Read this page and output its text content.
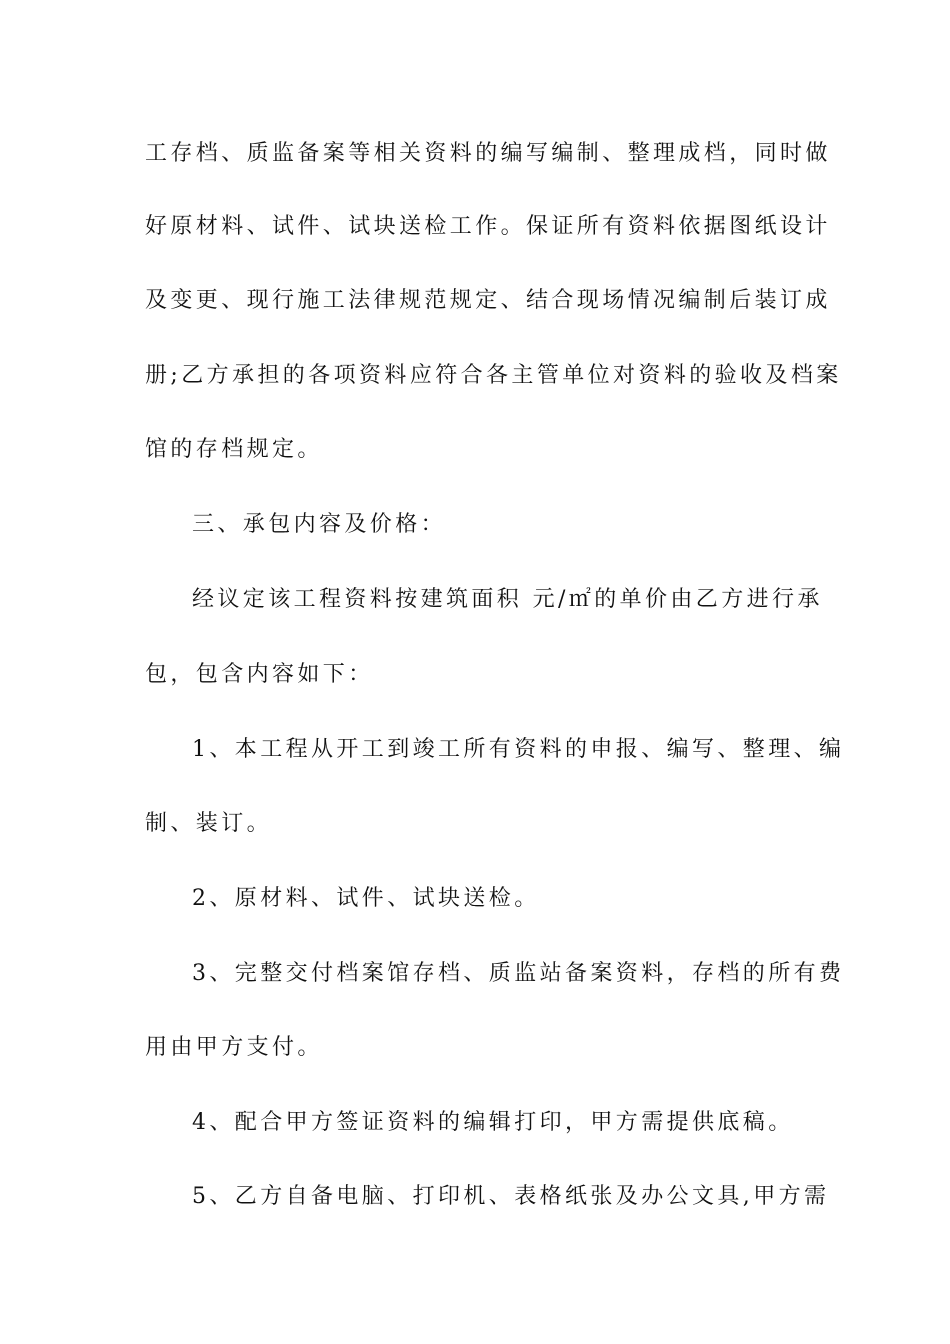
工存档、质监备案等相关资料的编写编制、整理成档，同时做
好原材料、试件、试块送检工作。保证所有资料依据图纸设计
及变更、现行施工法律规范规定、结合现场情况编制后装订成
册;乙方承担的各项资料应符合各主管单位对资料的验收及档案
馆的存档规定。
三、承包内容及价格：
经议定该工程资料按建筑面积 元/㎡的单价由乙方进行承
包，包含内容如下：
1、本工程从开工到竣工所有资料的申报、编写、整理、编
制、装订。
2、原材料、试件、试块送检。
3、完整交付档案馆存档、质监站备案资料，存档的所有费
用由甲方支付。
4、配合甲方签证资料的编辑打印，甲方需提供底稿。
5、乙方自备电脑、打印机、表格纸张及办公文具,甲方需
